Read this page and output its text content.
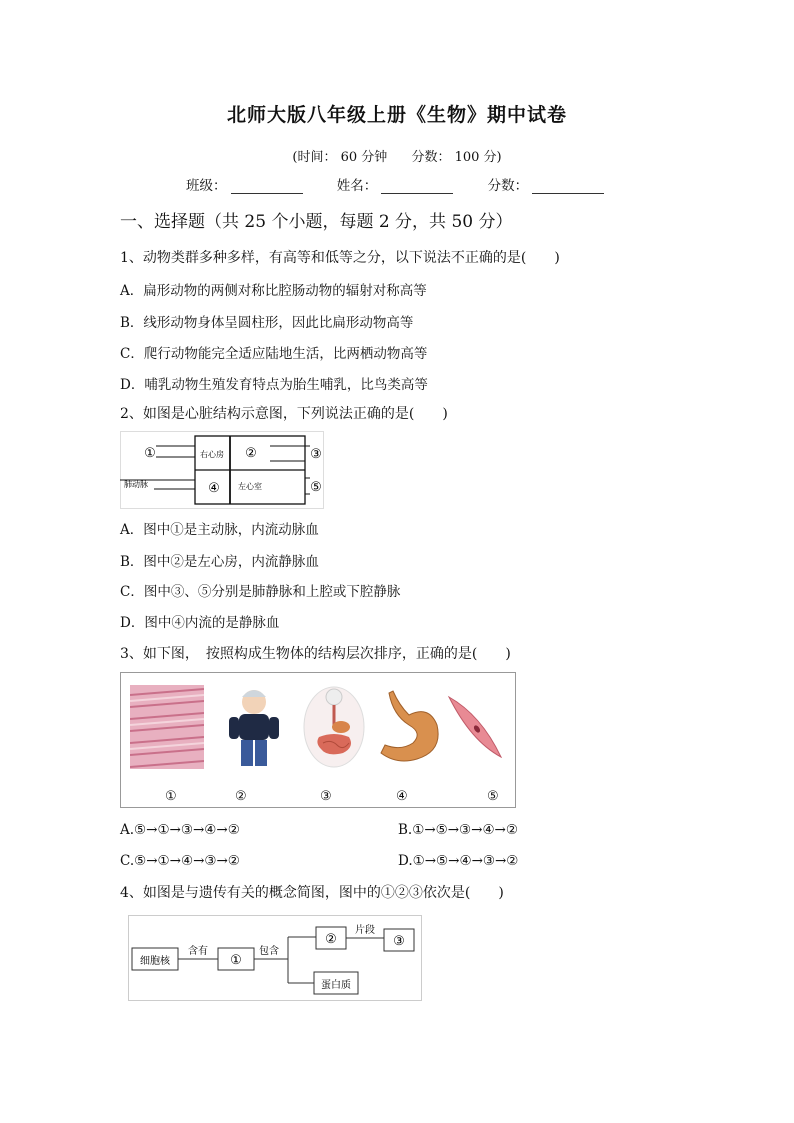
北师大版八年级上册《生物》期中试卷
(时间： 60 分钟 分数： 100 分)
班级：	姓名：	分数：
一、选择题（共 25 个小题，每题 2 分，共 50 分）
1、动物类群多种多样，有高等和低等之分，以下说法不正确的是(　　)
A．扁形动物的两侧对称比腔肠动物的辐射对称高等
B．线形动物身体呈圆柱形，因此比扁形动物高等
C．爬行动物能完全适应陆地生活，比两栖动物高等
D．哺乳动物生殖发育特点为胎生哺乳，比鸟类高等
2、如图是心脏结构示意图，下列说法正确的是(　　)
①	右心房 ②	③
肺动脉	④ 左心室	⑤
A．图中①是主动脉，内流动脉血
B．图中②是左心房，内流静脉血
C．图中③、⑤分别是肺静脉和上腔或下腔静脉
D．图中④内流的是静脉血
3、如下图，　按照构成生物体的结构层次排序，正确的是(　　)
①	②	③	④	⑤
A.⑤→①→③→④→②	B.①→⑤→③→④→②
C.⑤→①→④→③→②	D.①→⑤→④→③→②
4、如图是与遗传有关的概念简图，图中的①②③依次是(　　)
细胞核
含有
①
包含
②
片段
③
蛋白质
